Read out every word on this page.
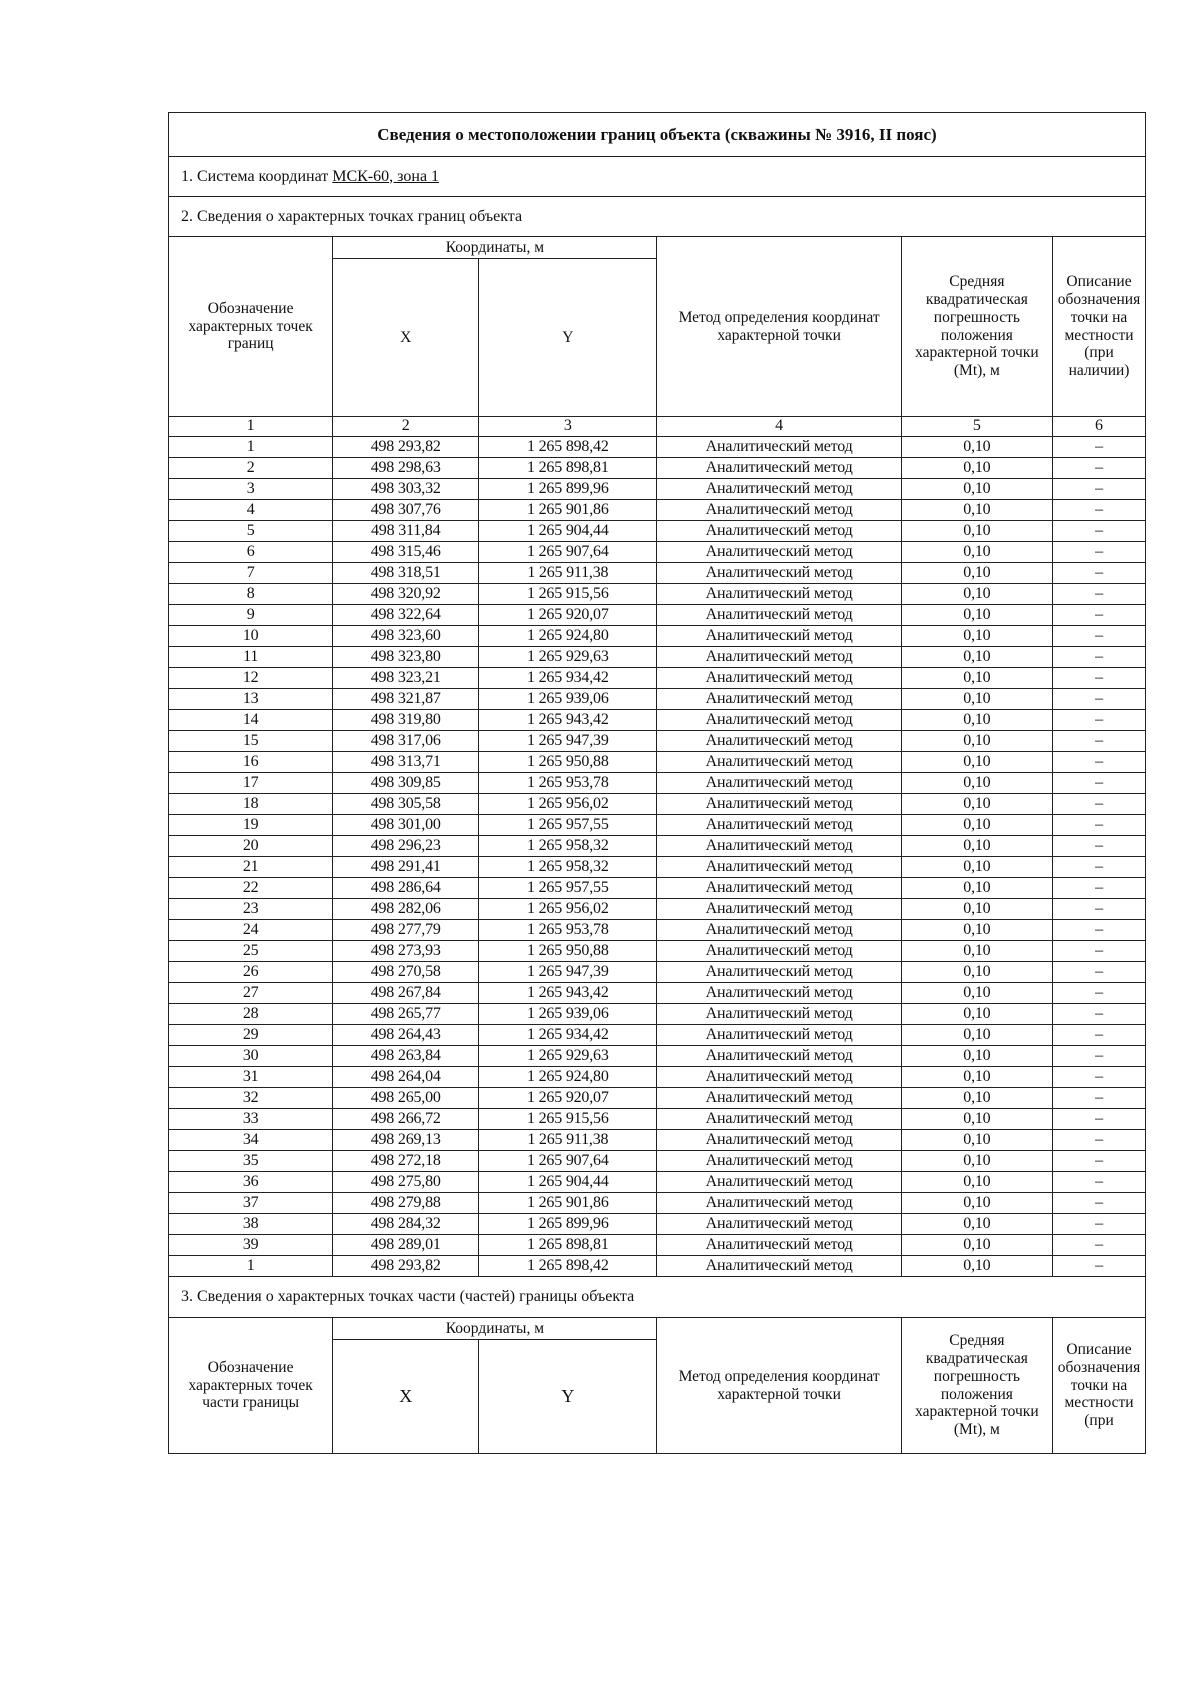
Сведения о местоположении границ объекта (скважины № 3916, II пояс)
1. Система координат
МСК-60, зона 1
2. Сведения о характерных точках границ объекта
Обозначение характерных точек границ	Координаты, м		Метод определения координат характерной точки	Средняя квадратическая погрешность положения характерной точки (Mt), м	Описание обозначения точки на местности (при наличии)
	X	Y			
1	2	3	4	5	6
1	498 293,82	1 265 898,42	Аналитический метод	0,10	–
2	498 298,63	1 265 898,81	Аналитический метод	0,10	–
3	498 303,32	1 265 899,96	Аналитический метод	0,10	–
4	498 307,76	1 265 901,86	Аналитический метод	0,10	–
5	498 311,84	1 265 904,44	Аналитический метод	0,10	–
6	498 315,46	1 265 907,64	Аналитический метод	0,10	–
7	498 318,51	1 265 911,38	Аналитический метод	0,10	–
8	498 320,92	1 265 915,56	Аналитический метод	0,10	–
9	498 322,64	1 265 920,07	Аналитический метод	0,10	–
10	498 323,60	1 265 924,80	Аналитический метод	0,10	–
11	498 323,80	1 265 929,63	Аналитический метод	0,10	–
12	498 323,21	1 265 934,42	Аналитический метод	0,10	–
13	498 321,87	1 265 939,06	Аналитический метод	0,10	–
14	498 319,80	1 265 943,42	Аналитический метод	0,10	–
15	498 317,06	1 265 947,39	Аналитический метод	0,10	–
16	498 313,71	1 265 950,88	Аналитический метод	0,10	–
17	498 309,85	1 265 953,78	Аналитический метод	0,10	–
18	498 305,58	1 265 956,02	Аналитический метод	0,10	–
19	498 301,00	1 265 957,55	Аналитический метод	0,10	–
20	498 296,23	1 265 958,32	Аналитический метод	0,10	–
21	498 291,41	1 265 958,32	Аналитический метод	0,10	–
22	498 286,64	1 265 957,55	Аналитический метод	0,10	–
23	498 282,06	1 265 956,02	Аналитический метод	0,10	–
24	498 277,79	1 265 953,78	Аналитический метод	0,10	–
25	498 273,93	1 265 950,88	Аналитический метод	0,10	–
26	498 270,58	1 265 947,39	Аналитический метод	0,10	–
27	498 267,84	1 265 943,42	Аналитический метод	0,10	–
28	498 265,77	1 265 939,06	Аналитический метод	0,10	–
29	498 264,43	1 265 934,42	Аналитический метод	0,10	–
30	498 263,84	1 265 929,63	Аналитический метод	0,10	–
31	498 264,04	1 265 924,80	Аналитический метод	0,10	–
32	498 265,00	1 265 920,07	Аналитический метод	0,10	–
33	498 266,72	1 265 915,56	Аналитический метод	0,10	–
34	498 269,13	1 265 911,38	Аналитический метод	0,10	–
35	498 272,18	1 265 907,64	Аналитический метод	0,10	–
36	498 275,80	1 265 904,44	Аналитический метод	0,10	–
37	498 279,88	1 265 901,86	Аналитический метод	0,10	–
38	498 284,32	1 265 899,96	Аналитический метод	0,10	–
39	498 289,01	1 265 898,81	Аналитический метод	0,10	–
1	498 293,82	1 265 898,42	Аналитический метод	0,10	–
3. Сведения о характерных точках части (частей) границы объекта
Обозначение характерных точек части границы	Координаты, м		Метод определения координат характерной точки	Средняя квадратическая погрешность положения характерной точки (Mt), м	Описание обозначения точки на местности (при
	X	Y			
